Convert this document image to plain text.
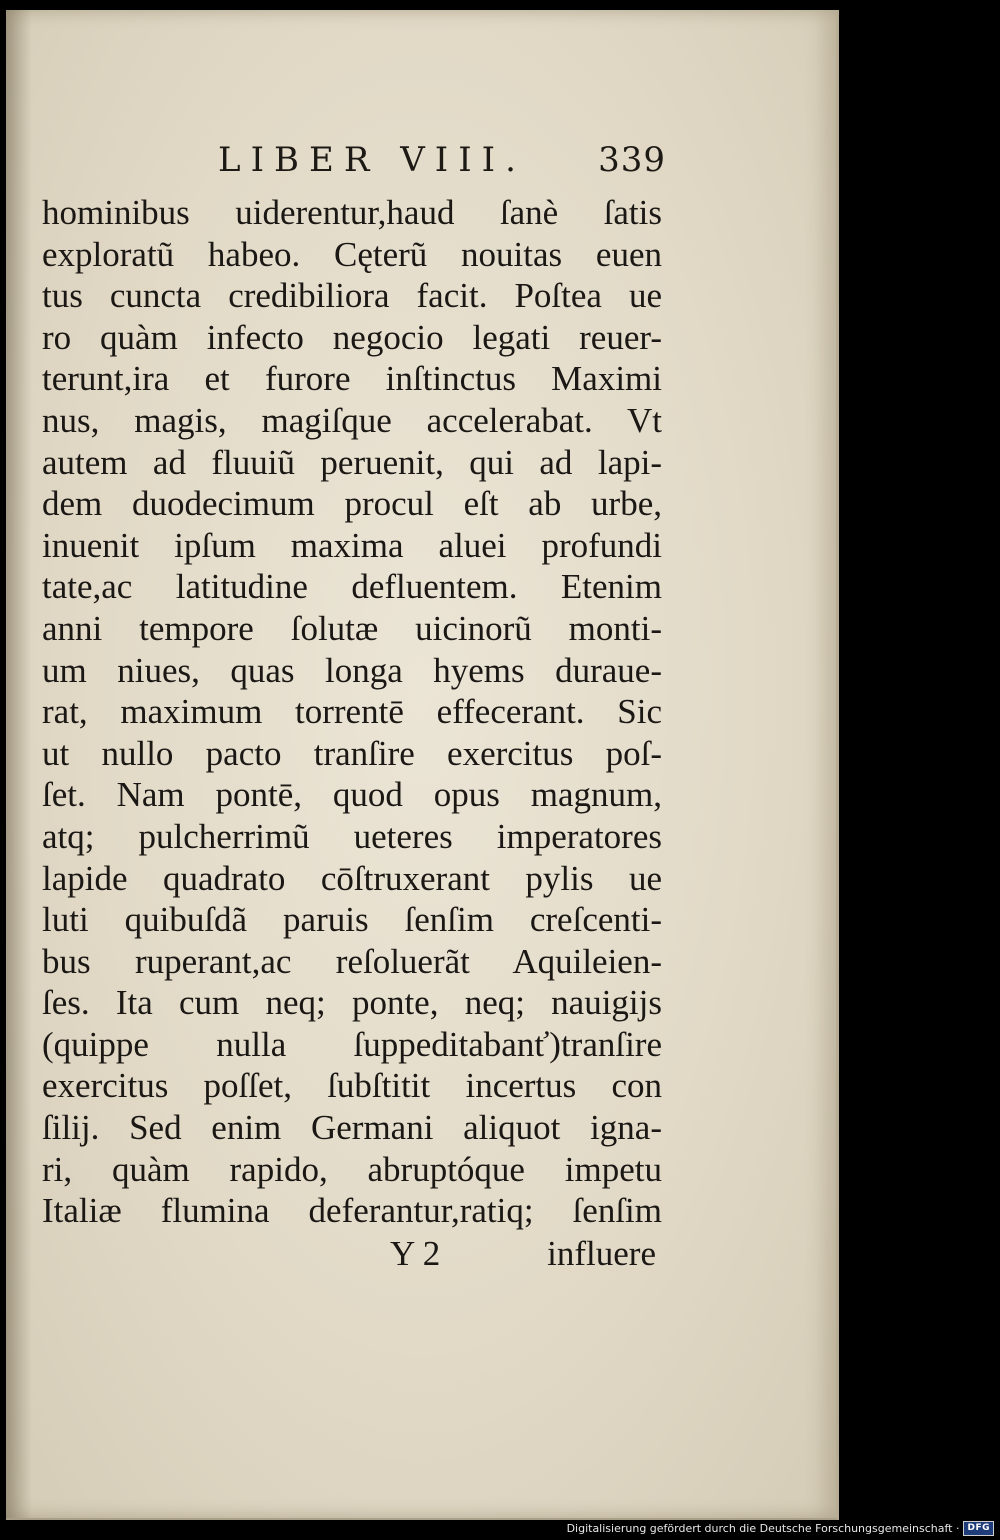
LIBER VIII. 339
hominibus uiderentur,haud ſanè ſatis
exploratũ habeo. Cęterũ nouitas euen
tus cuncta credibiliora facit. Poſtea ue
ro quàm infecto negocio legati reuer-
terunt,ira et furore inſtinctus Maximi
nus, magis, magiſque accelerabat. Vt
autem ad fluuiũ peruenit, qui ad lapi-
dem duodecimum procul eſt ab urbe,
inuenit ipſum maxima aluei profundi
tate,ac latitudine defluentem. Etenim
anni tempore ſolutæ uicinorũ monti-
um niues, quas longa hyems duraue-
rat, maximum torrentē effecerant. Sic
ut nullo pacto tranſire exercitus poſ-
ſet. Nam pontē, quod opus magnum,
atq; pulcherrimũ ueteres imperatores
lapide quadrato cōſtruxerant pylis ue
luti quibuſdã paruis ſenſim creſcenti-
bus ruperant,ac reſoluerãt Aquileien-
ſes. Ita cum neq; ponte, neq; nauigijs
(quippe nulla ſuppeditabanť)tranſire
exercitus poſſet, ſubſtitit incertus con
ſilij. Sed enim Germani aliquot igna-
ri, quàm rapido, abruptóque impetu
Italiæ flumina deferantur,ratiq; ſenſim
Y 2	influere
Digitalisierung gefördert durch die Deutsche Forschungsgemeinschaft · DFG
